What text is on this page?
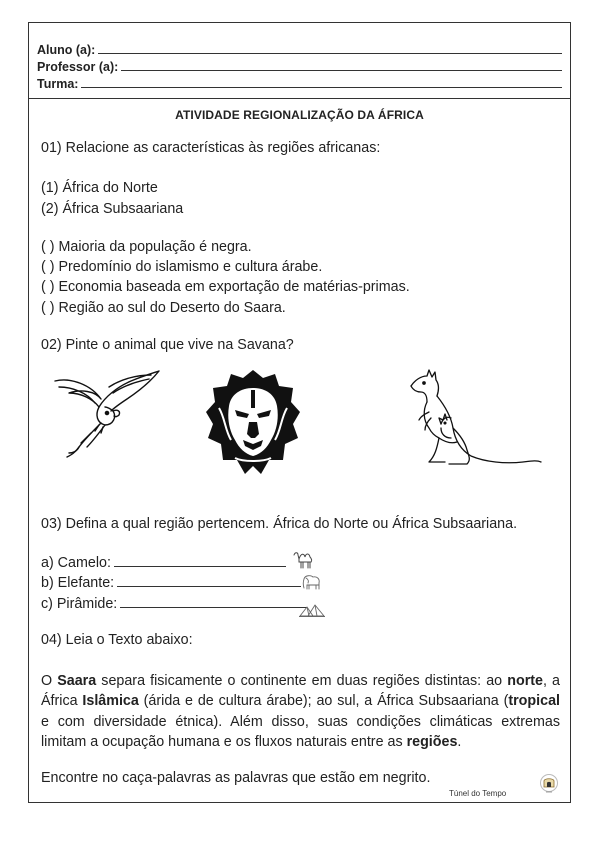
Aluno (a):
Professor (a):
Turma:
ATIVIDADE REGIONALIZAÇÃO DA ÁFRICA
01) Relacione as características às regiões africanas:
(1) África do Norte
(2) África Subsaariana
( ) Maioria da população é negra.
( ) Predomínio do islamismo e cultura árabe.
( ) Economia baseada em exportação de matérias-primas.
( ) Região ao sul do Deserto do Saara.
02) Pinte o animal que vive na Savana?
03) Defina a qual região pertencem. África do Norte ou África Subsaariana.
a) Camelo:
b) Elefante:
c) Pirâmide:
04) Leia o Texto abaixo:
O Saara separa fisicamente o continente em duas regiões distintas: ao norte, a África Islâmica (árida e de cultura árabe); ao sul, a África Subsaariana (tropical e com diversidade étnica). Além disso, suas condições climáticas extremas limitam a ocupação humana e os fluxos naturais entre as regiões.
Encontre no caça-palavras as palavras que estão em negrito.
Túnel do Tempo
